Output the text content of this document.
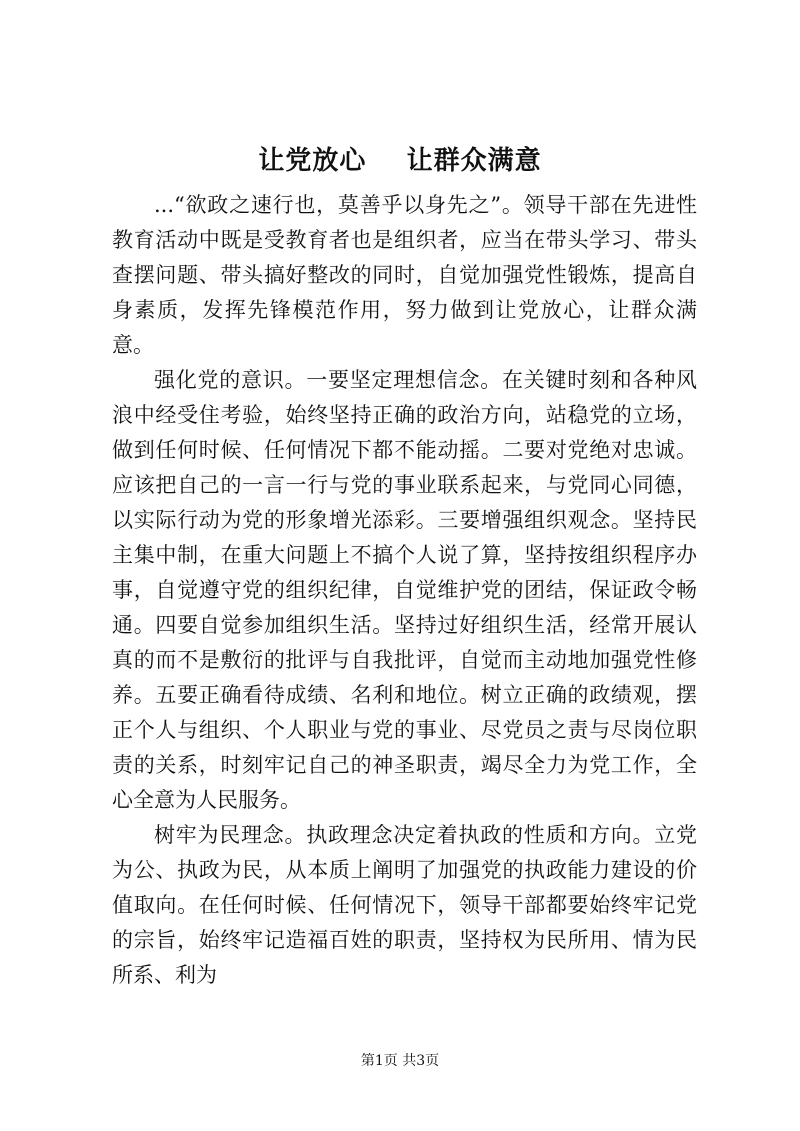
让党放心    让群众满意

...“欲政之速行也，莫善乎以身先之”。领导干部在先进性教育活动中既是受教育者也是组织者，应当在带头学习、带头查摆问题、带头搞好整改的同时，自觉加强党性锻炼，提高自身素质，发挥先锋模范作用，努力做到让党放心，让群众满意。

强化党的意识。一要坚定理想信念。在关键时刻和各种风浪中经受住考验，始终坚持正确的政治方向，站稳党的立场，做到任何时候、任何情况下都不能动摇。二要对党绝对忠诚。应该把自己的一言一行与党的事业联系起来，与党同心同德，以实际行动为党的形象增光添彩。三要增强组织观念。坚持民主集中制，在重大问题上不搞个人说了算，坚持按组织程序办事，自觉遵守党的组织纪律，自觉维护党的团结，保证政令畅通。四要自觉参加组织生活。坚持过好组织生活，经常开展认真的而不是敷衍的批评与自我批评，自觉而主动地加强党性修养。五要正确看待成绩、名利和地位。树立正确的政绩观，摆正个人与组织、个人职业与党的事业、尽党员之责与尽岗位职责的关系，时刻牢记自己的神圣职责，竭尽全力为党工作，全心全意为人民服务。

树牢为民理念。执政理念决定着执政的性质和方向。立党为公、执政为民，从本质上阐明了加强党的执政能力建设的价值取向。在任何时候、任何情况下，领导干部都要始终牢记党的宗旨，始终牢记造福百姓的职责，坚持权为民所用、情为民所系、利为

第1页 共3页
